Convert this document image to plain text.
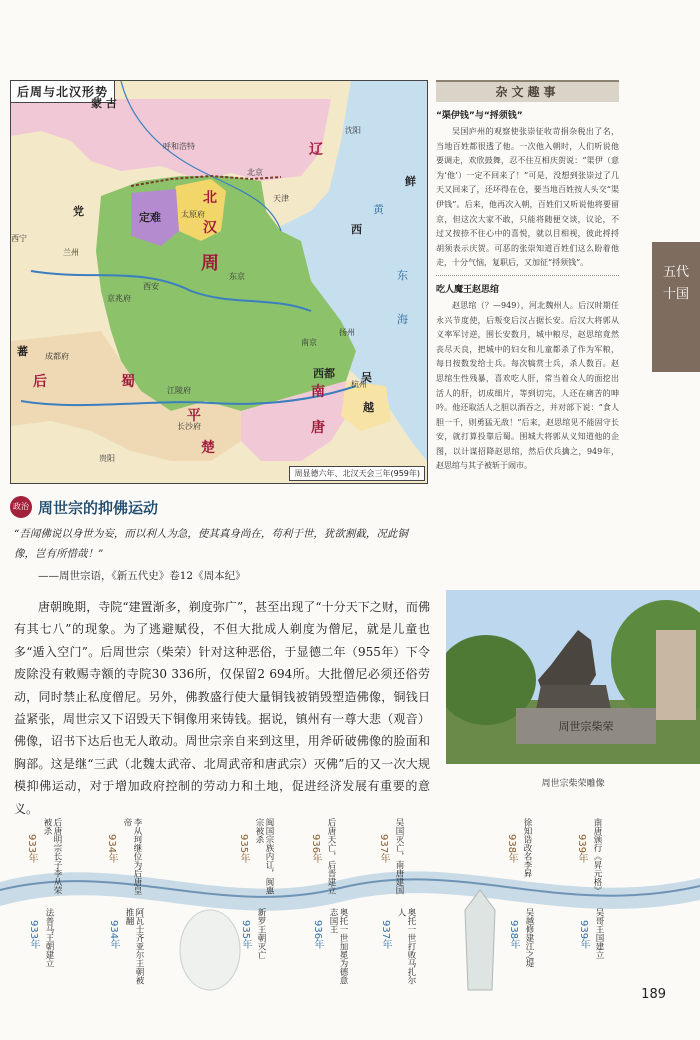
后周与北汉形势
蒙 古
辽
呼和浩特
沈阳
党
西宁
兰州
太原府
北京
北
汉
定难
周
东京
天津
西安
京兆府
黄
东
海
南京
西都
南
唐
吴
越
扬州
杭州
成都府
蜀
后
江陵府
平
长沙府
楚
贵阳
蕃
西
鲜
周显德六年、北汉天会三年(959年)
杂文趣事
“渠伊钱”与“捋须钱”

吴国庐州的观察使张崇征收苛捐杂税出了名，当地百姓都很透了他。一次他入朝时，人们听说他要调走，欢欣鼓舞，忍不住互相庆贺说：“渠伊（意为‘他’）一定不回来了！”可是，没想到张崇过了几天又回来了，还坏得在仓，要当地百姓按人头交“渠伊钱”。后来，他再次入朝，百姓们又听说他将要留京，但这次大家不敢，只能将随便交谈，议论，不过又按捺不住心中的喜悦，就以目相视，彼此捋捋胡须表示庆贺。可恶的张崇知道百姓们这么盼着他走，十分气恼，复职后，又加征“捋须钱”。

吃人魔王赵思绾

赵思绾（？—949），河北魏州人。后汉时期任永兴节度使，后叛变后汉占据长安。后汉大将郭从义率军讨逆，围长安数月，城中粮尽，赵思绾竟然丧尽天良，把城中的妇女和儿童都杀了作为军粮，每日按数发给士兵。每次犒赏士兵，杀人数百。赵思绾生性残暴，喜欢吃人肝，常当着众人的面挖出活人的肝，切成细片，等到切完，人还在痛苦的呻吟。他还取活人之胆以酒吞之，并对部下说：“食人胆一千，则勇猛无敌！”后来，赵思绾见不能固守长安，就打算投靠后蜀。围城大将郭从义知道他的企图，以计谋招降赵思绾，然后伏兵擒之，949年，赵思绾与其子被斩于闹市。

五代十国
政治 周世宗的抑佛运动
“吾闻佛说以身世为妄，而以利人为急，使其真身尚在，苟利于世，犹欲割截，况此铜像，岂有所惜哉！”
——周世宗语，《新五代史》卷12《周本纪》

唐朝晚期，寺院“建置渐多，剃度弥广”，甚至出现了“十分天下之财，而佛有其七八”的现象。为了逃避赋役，不但大批成人剃度为僧尼，就是儿童也多“遁入空门”。后周世宗（柴荣）针对这种恶俗，于显德二年（955年）下令废除没有敕赐寺额的寺院30 336所，仅保留2 694所。大批僧尼必须还俗劳动，同时禁止私度僧尼。另外，佛教盛行使大量铜钱被销毁塑造佛像，铜钱日益紧张，周世宗又下诏毁天下铜像用来铸钱。据说，镇州有一尊大悲（观音）佛像，诏书下达后也无人敢动。周世宗亲自来到这里，用斧斫破佛像的脸面和胸部。这是继“三武（北魏太武帝、北周武帝和唐武宗）灭佛”后的又一次大规模抑佛运动，对于增加政府控制的劳动力和土地，促进经济发展有重要的意义。

周世宗柴荣
周世宗柴荣雕像
189
933年	后唐明宗长子李从荣被杀
933年 法普马王朝建立
934年	李从珂继位为后唐皇帝
934年	阿瓦士齐亚尔王朝被推翻
935年	闽国宗族内讧，闽惠宗被杀
935年 新罗王朝灭亡
936年 后唐天亡，后晋建立
936年	奥托一世加冕为德意志国王
937年 吴国灭亡，南唐建国
937年	奥托一世打败马扎尔人
938年 徐知诰改名李昪
938年 吴越修建江之堤
939年 南唐颁行《昇元格》
939年 吴哥王国建立
